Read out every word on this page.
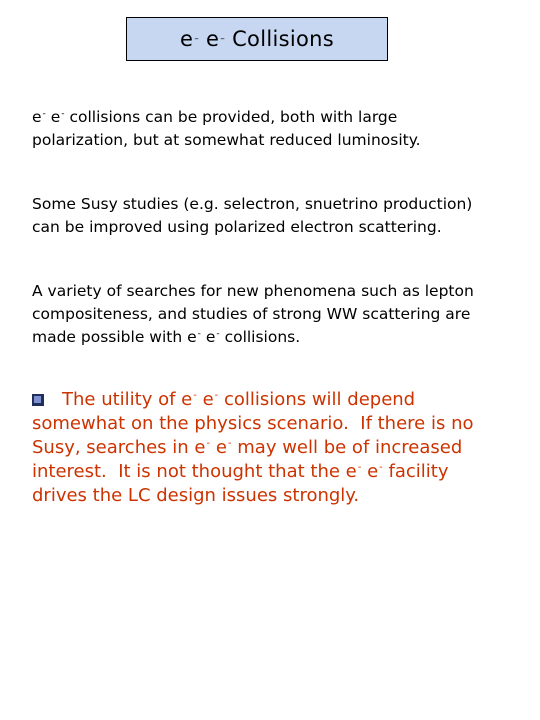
e – e – Collisions
e- e- collisions can be provided, both with large
polarization, but at somewhat reduced luminosity.
Some Susy studies (e.g. selectron, snuetrino production)
can be improved using polarized electron scattering.
A variety of searches for new phenomena such as lepton
compositeness, and studies of strong WW scattering are
made possible with e- e- collisions.
The utility of e- e- collisions will depend
somewhat on the physics scenario.  If there is no
Susy, searches in e- e- may well be of increased
interest.  It is not thought that the e- e- facility
drives the LC design issues strongly.
